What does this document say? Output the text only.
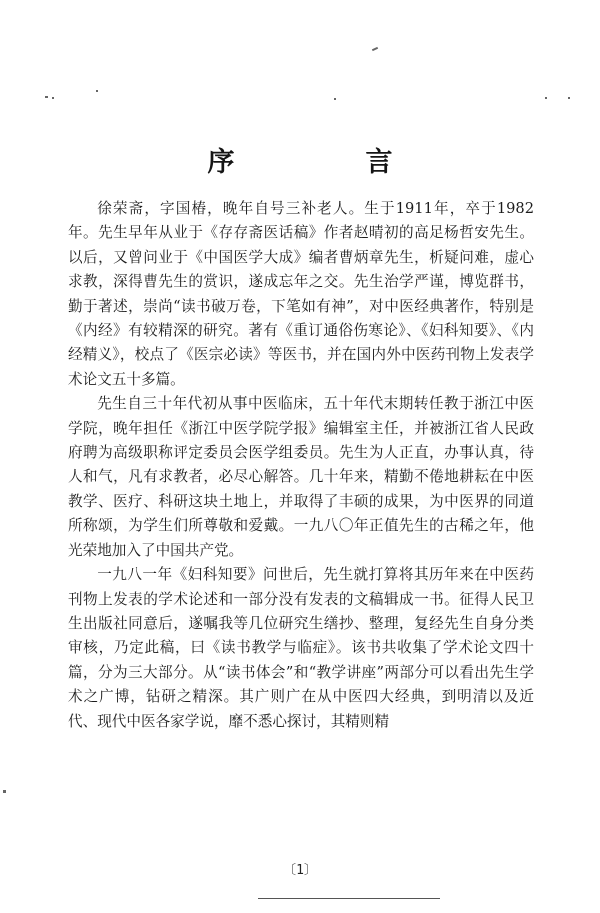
序　言

徐荣斋，字国椿，晚年自号三补老人。生于1911年，卒于1982年。先生早年从业于《存存斋医话稿》作者赵晴初的高足杨哲安先生。以后，又曾问业于《中国医学大成》编者曹炳章先生，析疑问难，虚心求教，深得曹先生的赏识，遂成忘年之交。先生治学严谨，博览群书，勤于著述，崇尚“读书破万卷，下笔如有神”，对中医经典著作，特别是《内经》有较精深的研究。著有《重订通俗伤寒论》、《妇科知要》、《内经精义》，校点了《医宗必读》等医书，并在国内外中医药刊物上发表学术论文五十多篇。

先生自三十年代初从事中医临床，五十年代末期转任教于浙江中医学院，晚年担任《浙江中医学院学报》编辑室主任，并被浙江省人民政府聘为高级职称评定委员会医学组委员。先生为人正直，办事认真，待人和气，凡有求教者，必尽心解答。几十年来，精勤不倦地耕耘在中医教学、医疗、科研这块土地上，并取得了丰硕的成果，为中医界的同道所称颂，为学生们所尊敬和爱戴。一九八〇年正值先生的古稀之年，他光荣地加入了中国共产党。

一九八一年《妇科知要》问世后，先生就打算将其历年来在中医药刊物上发表的学术论述和一部分没有发表的文稿辑成一书。征得人民卫生出版社同意后，遂嘱我等几位研究生缮抄、整理，复经先生自身分类审核，乃定此稿，曰《读书教学与临症》。该书共收集了学术论文四十篇，分为三大部分。从“读书体会”和“教学讲座”两部分可以看出先生学术之广博，钻研之精深。其广则广在从中医四大经典，到明清以及近代、现代中医各家学说，靡不悉心探讨，其精则精

〔1〕
